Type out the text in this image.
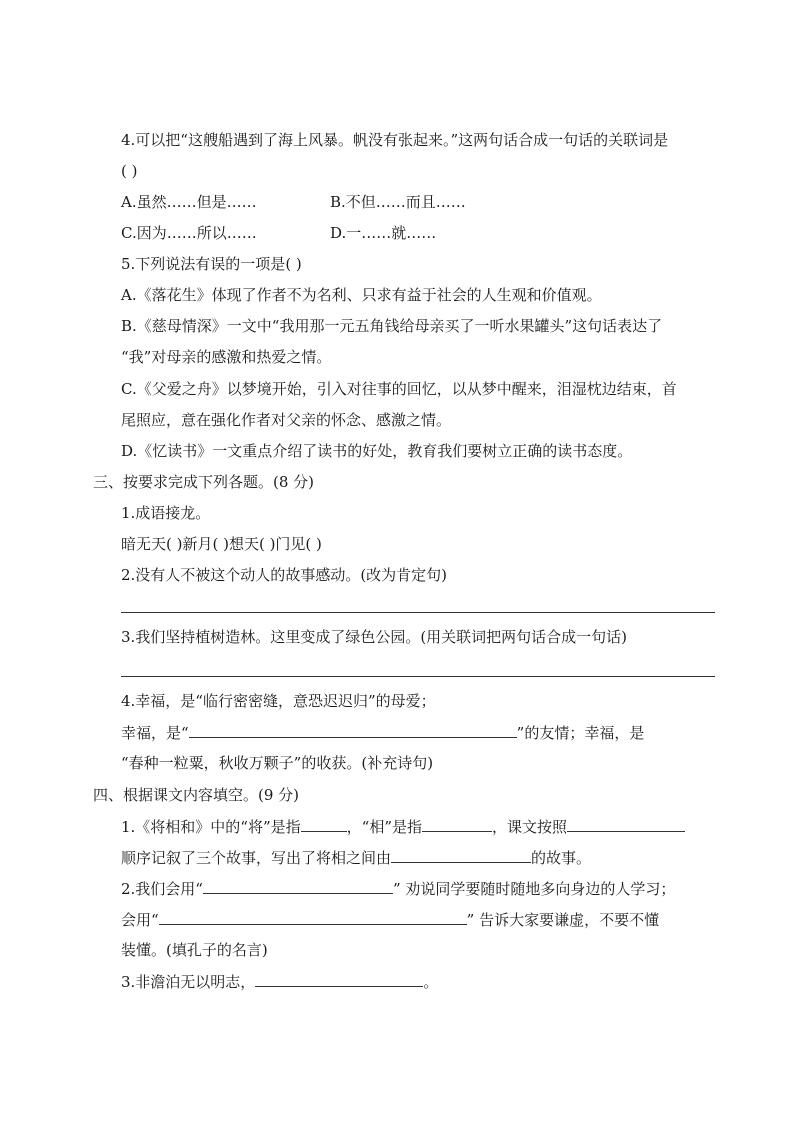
4.可以把“这艘船遇到了海上风暴。帆没有张起来。”这两句话合成一句话的关联词是
( )
A.虽然……但是……	B.不但……而且……
C.因为……所以……	D.一……就……
5.下列说法有误的一项是( )
A.《落花生》体现了作者不为名利、只求有益于社会的人生观和价值观。
B.《慈母情深》一文中“我用那一元五角钱给母亲买了一听水果罐头”这句话表达了
“我”对母亲的感激和热爱之情。
C.《父爱之舟》以梦境开始，引入对往事的回忆，以从梦中醒来，泪湿枕边结束，首
尾照应，意在强化作者对父亲的怀念、感激之情。
D.《忆读书》一文重点介绍了读书的好处，教育我们要树立正确的读书态度。
三、按要求完成下列各题。(8 分)
1.成语接龙。
暗无天( )新月( )想天( )门见( )
2.没有人不被这个动人的故事感动。(改为肯定句)
3.我们坚持植树造林。这里变成了绿色公园。(用关联词把两句话合成一句话)
4.幸福，是“临行密密缝，意恐迟迟归”的母爱；
幸福，是“	”的友情；幸福，是
“春种一粒粟，秋收万颗子”的收获。(补充诗句)
四、根据课文内容填空。(9 分)
1.《将相和》中的“将”是指	，“相”是指	，课文按照
顺序记叙了三个故事，写出了将相之间由	的故事。
2.我们会用“	” 劝说同学要随时随地多向身边的人学习；
会用“	” 告诉大家要谦虚，不要不懂
装懂。(填孔子的名言)
3.非澹泊无以明志，	。
